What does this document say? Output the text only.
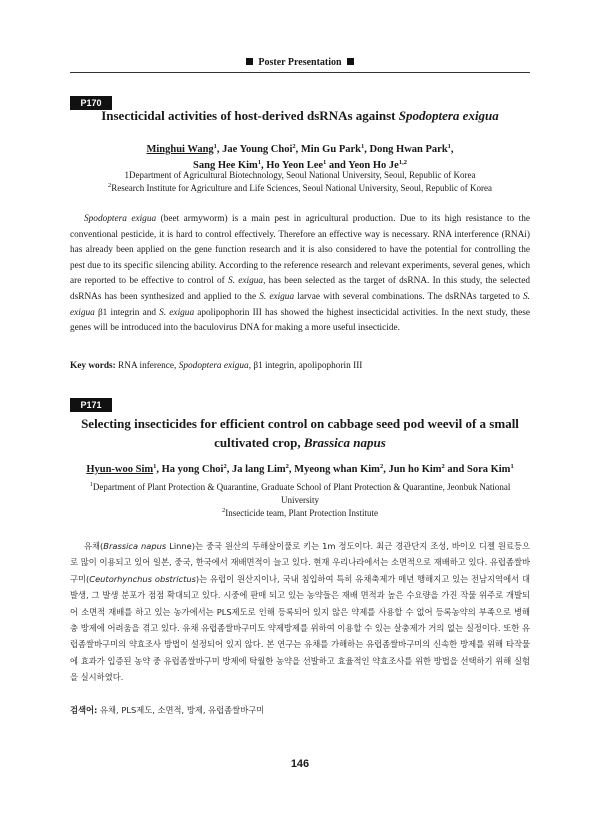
Poster Presentation
P170
Insecticidal activities of host-derived dsRNAs against Spodoptera exigua
Minghui Wang$^1$, Jae Young Choi$^2$, Min Gu Park$^1$, Dong Hwan Park$^1$,
Sang Hee Kim$^1$, Ho Yeon Lee$^1$ and Yeon Ho Je$^{1,2}$
1Department of Agricultural Biotechnology, Seoul National University, Seoul, Republic of Korea
$^2$Research Institute for Agriculture and Life Sciences, Seoul National University, Seoul, Republic of Korea

Spodoptera exigua (beet armyworm) is a main pest in agricultural production. Due to its high resistance to the conventional pesticide, it is hard to control effectively. Therefore an effective way is necessary. RNA interference (RNAi) has already been applied on the gene function research and it is also considered to have the potential for controlling the pest due to its specific silencing ability. According to the reference research and relevant experiments, several genes, which are reported to be effective to control of S. exigua, has been selected as the target of dsRNA. In this study, the selected dsRNAs has been synthesized and applied to the S. exigua larvae with several combinations. The dsRNAs targeted to S. exigua β1 integrin and S. exigua apolipophorin III has showed the highest insecticidal activities. In the next study, these genes will be introduced into the baculovirus DNA for making a more useful insecticide.

Key words: RNA inference, Spodoptera exigua, β1 integrin, apolipophorin III
P171
Selecting insecticides for efficient control on cabbage seed pod weevil of a small
cultivated crop, Brassica napus
Hyun-woo Sim$^1$, Ha yong Choi$^2$, Ja lang Lim$^2$, Myeong whan Kim$^2$, Jun ho Kim$^2$ and Sora Kim$^1$
$^1$Department of Plant Protection & Quarantine, Graduate School of Plant Protection & Quarantine, Jeonbuk National University
$^2$Insecticide team, Plant Protection Institute

유채(Brassica napus Linne)는 중국 원산의 두해살이풀로 키는 1m 정도이다. 최근 경관단지 조성, 바이오 디젤 원료등으로 많이 이용되고 있어 일본, 중국, 한국에서 재배면적이 늘고 있다. 현재 우리나라에서는 소면적으로 재배하고 있다. 유럽좀쌀바구미(Ceutorhynchus obstrictus)는 유럽이 원산지이나, 국내 침입하여 특히 유채축제가 매년 행해지고 있는 전남지역에서 대발생, 그 발생 분포가 점점 확대되고 있다. 시중에 판매 되고 있는 농약들은 재배 면적과 높은 수요량을 가진 작물 위주로 개발되어 소면적 재배를 하고 있는 농가에서는 PLS제도로 인해 등록되어 있지 않은 약제를 사용할 수 없어 등록농약의 부족으로 병해충 방제에 어려움을 겪고 있다. 유채 유럽좀쌀바구미도 약제방제를 위하여 이용할 수 있는 살충제가 거의 없는 실정이다. 또한 유럽좀쌀바구미의 약효조사 방법이 설정되어 있지 않다. 본 연구는 유채를 가해하는 유럽좀쌀바구미의 신속한 방제를 위해 타작물에 효과가 입증된 농약 중 유럽좀쌀바구미 방제에 탁월한 농약을 선발하고 효율적인 약효조사를 위한 방법을 선택하기 위해 실험을 실시하였다.

검색어: 유채, PLS제도, 소면적, 방제, 유럽좀쌀바구미
146
